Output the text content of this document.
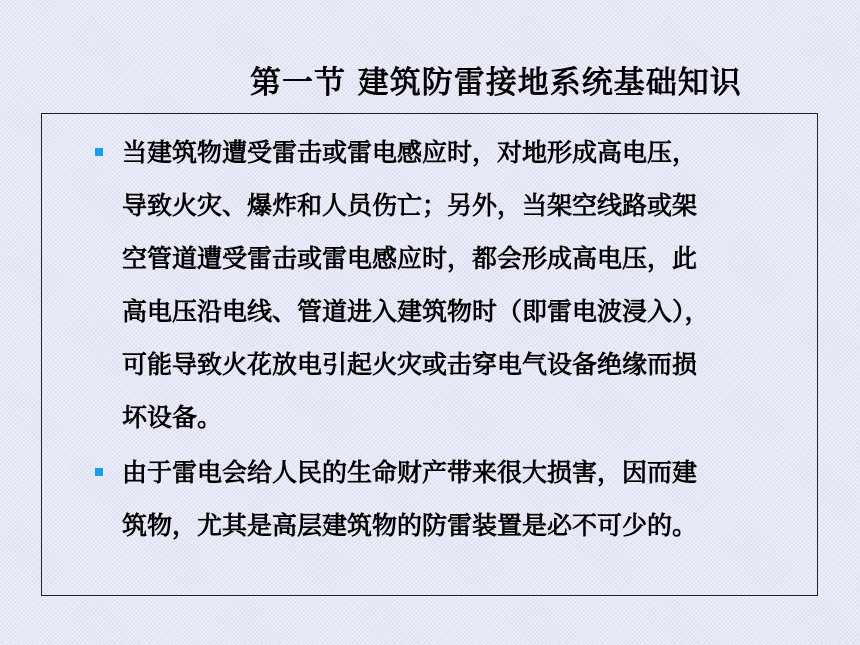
第一节 建筑防雷接地系统基础知识
当建筑物遭受雷击或雷电感应时，对地形成高电压，
导致火灾、爆炸和人员伤亡；另外，当架空线路或架
空管道遭受雷击或雷电感应时，都会形成高电压，此
高电压沿电线、管道进入建筑物时（即雷电波浸入），
可能导致火花放电引起火灾或击穿电气设备绝缘而损
坏设备。
由于雷电会给人民的生命财产带来很大损害，因而建
筑物，尤其是高层建筑物的防雷装置是必不可少的。
